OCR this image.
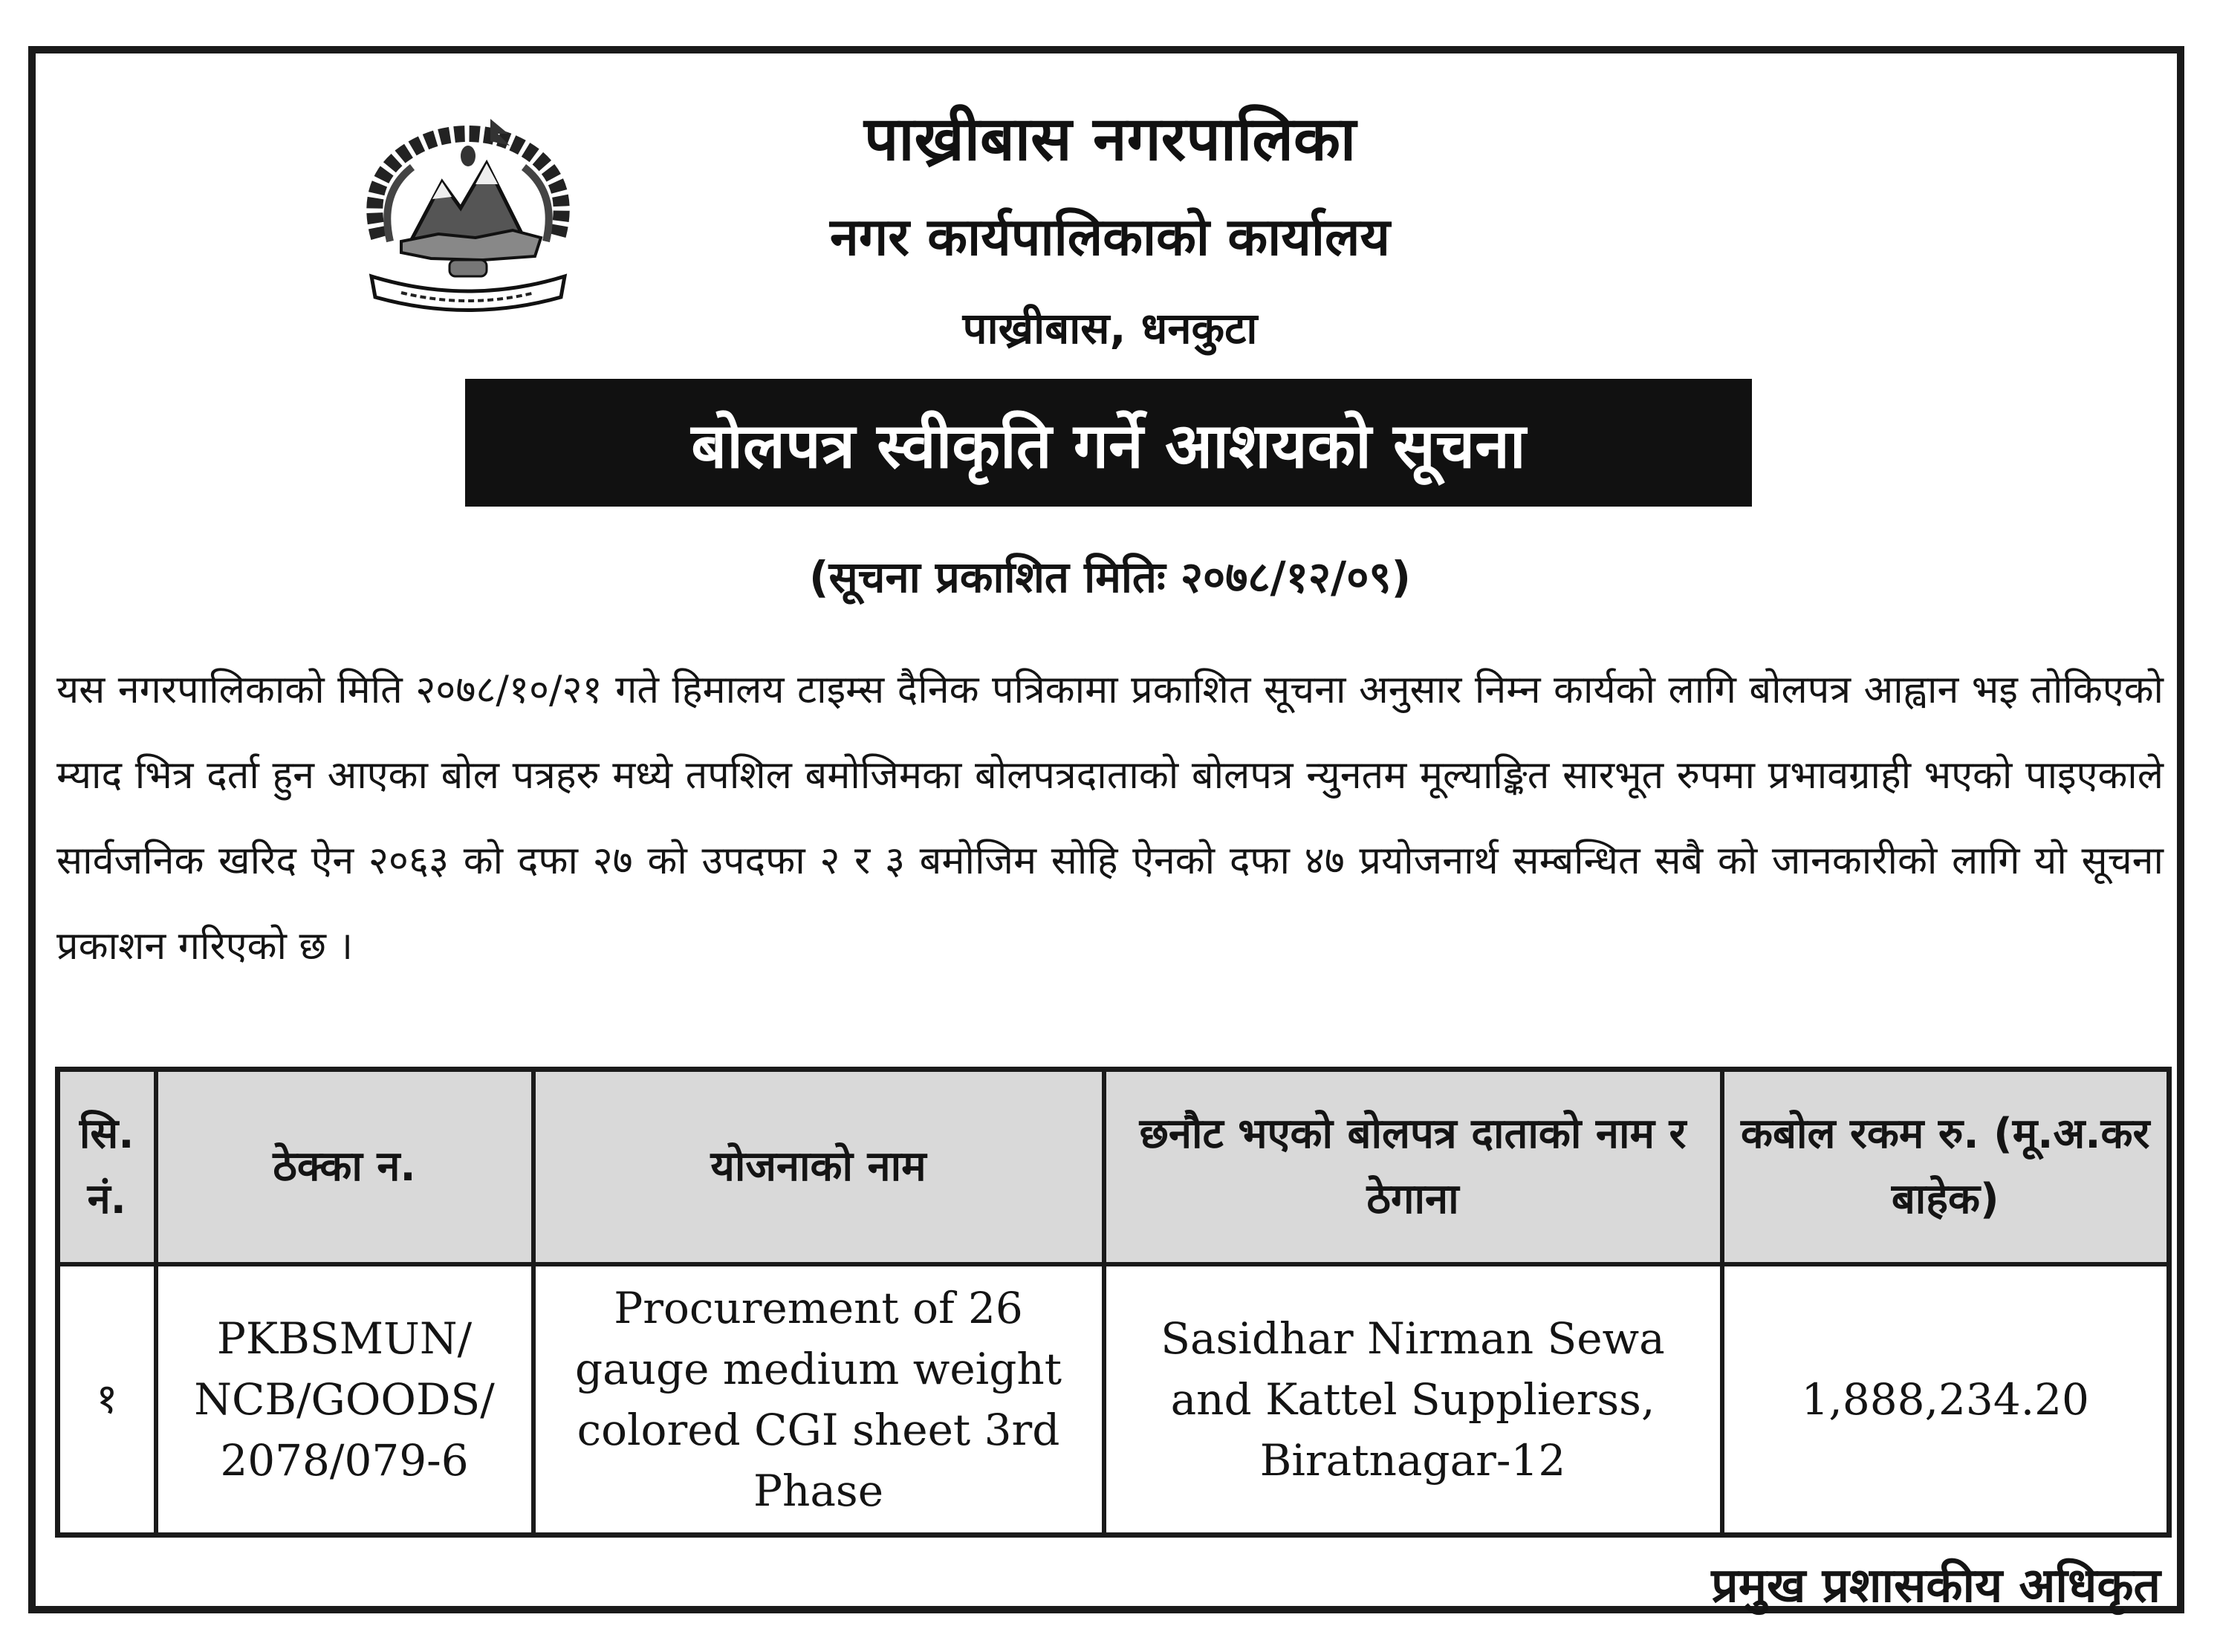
पाख्रीबास नगरपालिका
नगर कार्यपालिकाको कार्यालय
पाख्रीबास, धनकुटा
बोलपत्र स्वीकृति गर्ने आशयको सूचना
(सूचना प्रकाशित मितिः २०७८/१२/०९)
यस नगरपालिकाको मिति २०७८/१०/२१ गते हिमालय टाइम्स दैनिक पत्रिकामा प्रकाशित सूचना अनुसार निम्न कार्यको लागि बोलपत्र आह्वान भइ तोकिएको म्याद भित्र दर्ता हुन आएका बोल पत्रहरु मध्ये तपशिल बमोजिमका बोलपत्रदाताको बोलपत्र न्युनतम मूल्याङ्कित सारभूत रुपमा प्रभावग्राही भएको पाइएकाले सार्वजनिक खरिद ऐन २०६३ को दफा २७ को उपदफा २ र ३ बमोजिम सोहि ऐनको दफा ४७ प्रयोजनार्थ सम्बन्धित सबै को जानकारीको लागि यो सूचना प्रकाशन गरिएको छ ।
सि. नं.	ठेक्का न.	योजनाको नाम	छनौट भएको बोलपत्र दाताको नाम र ठेगाना	कबोल रकम रु. (मू.अ.कर बाहेक)
१	PKBSMUN/ NCB/GOODS/ 2078/079-6	Procurement of 26 gauge medium weight colored CGI sheet 3rd Phase	Sasidhar Nirman Sewa and Kattel Supplierss, Biratnagar-12	1,888,234.20
प्रमुख प्रशासकीय अधिकृत
